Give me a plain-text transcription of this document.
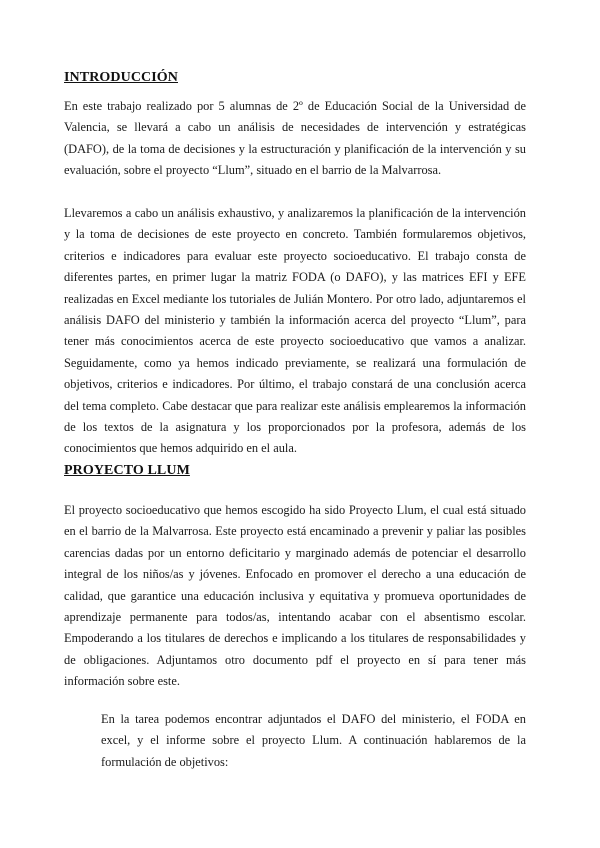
INTRODUCCIÓN

En este trabajo realizado por 5 alumnas de 2º de Educación Social de la Universidad de Valencia, se llevará a cabo un análisis de necesidades de intervención y estratégicas (DAFO), de la toma de decisiones y la estructuración y planificación de la intervención y su evaluación, sobre el proyecto “Llum”, situado en el barrio de la Malvarrosa.

Llevaremos a cabo un análisis exhaustivo, y analizaremos la planificación de la intervención y la toma de decisiones de este proyecto en concreto. También formularemos objetivos, criterios e indicadores para evaluar este proyecto socioeducativo. El trabajo consta de diferentes partes, en primer lugar la matriz FODA (o DAFO), y las matrices EFI y EFE realizadas en Excel mediante los tutoriales de Julián Montero. Por otro lado, adjuntaremos el análisis DAFO del ministerio y también la información acerca del proyecto “Llum”, para tener más conocimientos acerca de este proyecto socioeducativo que vamos a analizar. Seguidamente, como ya hemos indicado previamente, se realizará una formulación de objetivos, criterios e indicadores. Por último, el trabajo constará de una conclusión acerca del tema completo. Cabe destacar que para realizar este análisis emplearemos la información de los textos de la asignatura y los proporcionados por la profesora, además de los conocimientos que hemos adquirido en el aula.

PROYECTO LLUM

El proyecto socioeducativo que hemos escogido ha sido Proyecto Llum, el cual está situado en el barrio de la Malvarrosa. Este proyecto está encaminado a prevenir y paliar las posibles carencias dadas por un entorno deficitario y marginado además de potenciar el desarrollo integral de los niños/as y jóvenes. Enfocado en promover el derecho a una educación de calidad, que garantice una educación inclusiva y equitativa y promueva oportunidades de aprendizaje permanente para todos/as, intentando acabar con el absentismo escolar. Empoderando a los titulares de derechos e implicando a los titulares de responsabilidades y de obligaciones. Adjuntamos otro documento pdf el proyecto en sí para tener más información sobre este.

En la tarea podemos encontrar adjuntados el DAFO del ministerio, el FODA en excel, y el informe sobre el proyecto Llum. A continuación hablaremos de la formulación de objetivos:
